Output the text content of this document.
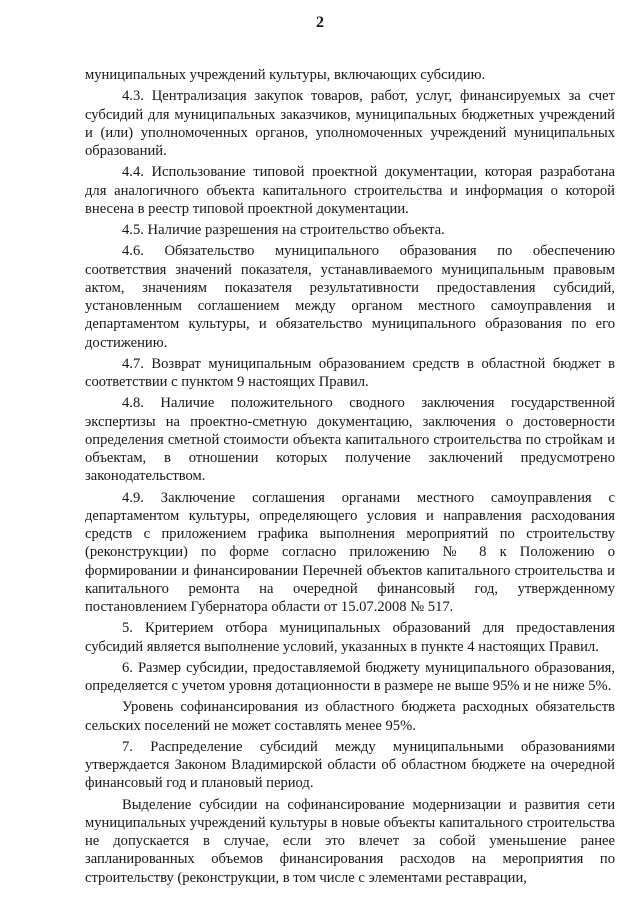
2

муниципальных учреждений культуры, включающих субсидию.

4.3. Централизация закупок товаров, работ, услуг, финансируемых за счет субсидий для муниципальных заказчиков, муниципальных бюджетных учреждений и (или) уполномоченных органов, уполномоченных учреждений муниципальных образований.

4.4. Использование типовой проектной документации, которая разработана для аналогичного объекта капитального строительства и информация о которой внесена в реестр типовой проектной документации.

4.5. Наличие разрешения на строительство объекта.

4.6. Обязательство муниципального образования по обеспечению соответствия значений показателя, устанавливаемого муниципальным правовым актом, значениям показателя результативности предоставления субсидий, установленным соглашением между органом местного самоуправления и департаментом культуры, и обязательство муниципального образования по его достижению.

4.7. Возврат муниципальным образованием средств в областной бюджет в соответствии с пунктом 9 настоящих Правил.

4.8. Наличие положительного сводного заключения государственной экспертизы на проектно-сметную документацию, заключения о достоверности определения сметной стоимости объекта капитального строительства по стройкам и объектам, в отношении которых получение заключений предусмотрено законодательством.

4.9. Заключение соглашения органами местного самоуправления с департаментом культуры, определяющего условия и направления расходования средств с приложением графика выполнения мероприятий по строительству (реконструкции) по форме согласно приложению № 8 к Положению о формировании и финансировании Перечней объектов капитального строительства и капитального ремонта на очередной финансовый год, утвержденному постановлением Губернатора области от 15.07.2008 № 517.

5. Критерием отбора муниципальных образований для предоставления субсидий является выполнение условий, указанных в пункте 4 настоящих Правил.

6. Размер субсидии, предоставляемой бюджету муниципального образования, определяется с учетом уровня дотационности в размере не выше 95% и не ниже 5%.

Уровень софинансирования из областного бюджета расходных обязательств сельских поселений не может составлять менее 95%.

7. Распределение субсидий между муниципальными образованиями утверждается Законом Владимирской области об областном бюджете на очередной финансовый год и плановый период.

Выделение субсидии на софинансирование модернизации и развития сети муниципальных учреждений культуры в новые объекты капитального строительства не допускается в случае, если это влечет за собой уменьшение ранее запланированных объемов финансирования расходов на мероприятия по строительству (реконструкции, в том числе с элементами реставрации,
